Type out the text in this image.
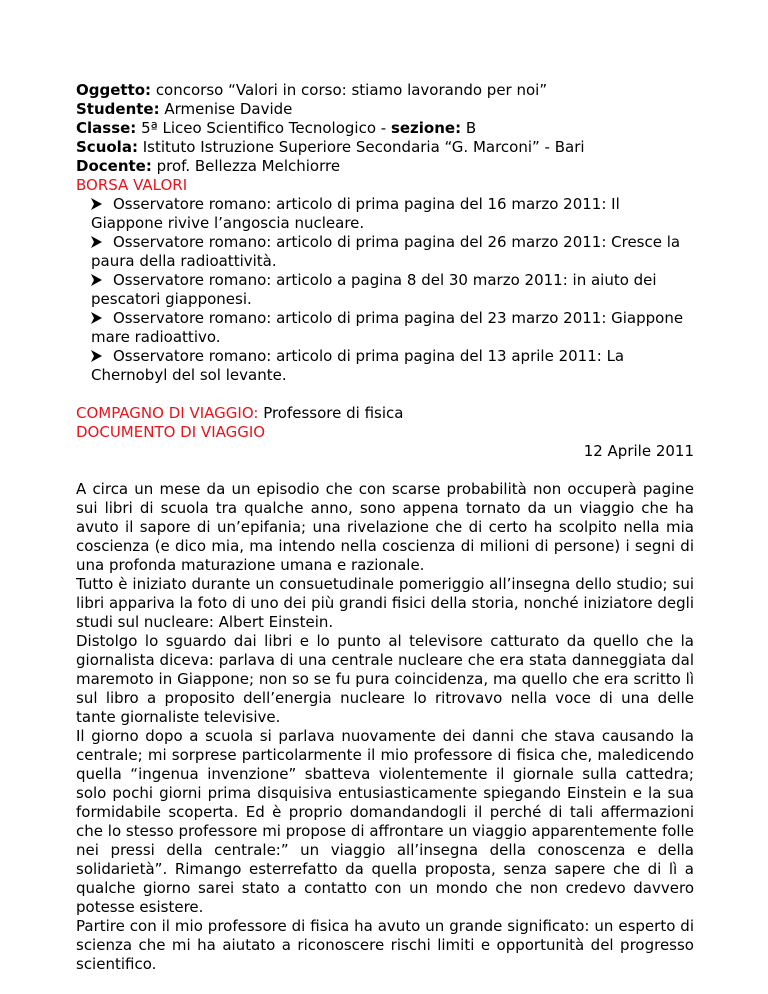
Oggetto: concorso “Valori in corso: stiamo lavorando per noi”
Studente: Armenise Davide
Classe: 5ª Liceo Scientifico Tecnologico - sezione: B
Scuola: Istituto Istruzione Superiore Secondaria “G. Marconi” - Bari
Docente: prof. Bellezza Melchiorre
BORSA VALORI
Osservatore romano: articolo di prima pagina del 16 marzo 2011: Il Giappone rivive l’angoscia nucleare.
Osservatore romano: articolo di prima pagina del 26 marzo 2011: Cresce la paura della radioattività.
Osservatore romano: articolo a pagina 8 del 30 marzo 2011: in aiuto dei pescatori giapponesi.
Osservatore romano: articolo di prima pagina del 23 marzo 2011: Giappone mare radioattivo.
Osservatore romano: articolo di prima pagina del 13 aprile 2011: La Chernobyl del sol levante.
COMPAGNO DI VIAGGIO: Professore di fisica
DOCUMENTO DI VIAGGIO
12 Aprile 2011

A circa un mese da un episodio che con scarse probabilità non occuperà pagine sui libri di scuola tra qualche anno, sono appena tornato da un viaggio che ha avuto il sapore di un’epifania; una rivelazione che di certo ha scolpito nella mia coscienza (e dico mia, ma intendo nella coscienza di milioni di persone) i segni di una profonda maturazione umana e razionale.

Tutto è iniziato durante un consuetudinale pomeriggio all’insegna dello studio; sui libri appariva la foto di uno dei più grandi fisici della storia, nonché iniziatore degli studi sul nucleare: Albert Einstein.

Distolgo lo sguardo dai libri e lo punto al televisore catturato da quello che la giornalista diceva: parlava di una centrale nucleare che era stata danneggiata dal maremoto in Giappone; non so se fu pura coincidenza, ma quello che era scritto lì sul libro a proposito dell’energia nucleare lo ritrovavo nella voce di una delle tante giornaliste televisive.

Il giorno dopo a scuola si parlava nuovamente dei danni che stava causando la centrale; mi sorprese particolarmente il mio professore di fisica che, maledicendo quella “ingenua invenzione” sbatteva violentemente il giornale sulla cattedra; solo pochi giorni prima disquisiva entusiasticamente spiegando Einstein e la sua formidabile scoperta. Ed è proprio domandandogli il perché di tali affermazioni che lo stesso professore mi propose di affrontare un viaggio apparentemente folle nei pressi della centrale:” un viaggio all’insegna della conoscenza e della solidarietà”. Rimango esterrefatto da quella proposta, senza sapere che di lì a qualche giorno sarei stato a contatto con un mondo che non credevo davvero potesse esistere.

Partire con il mio professore di fisica ha avuto un grande significato: un esperto di scienza che mi ha aiutato a riconoscere rischi limiti e opportunità del progresso scientifico.
